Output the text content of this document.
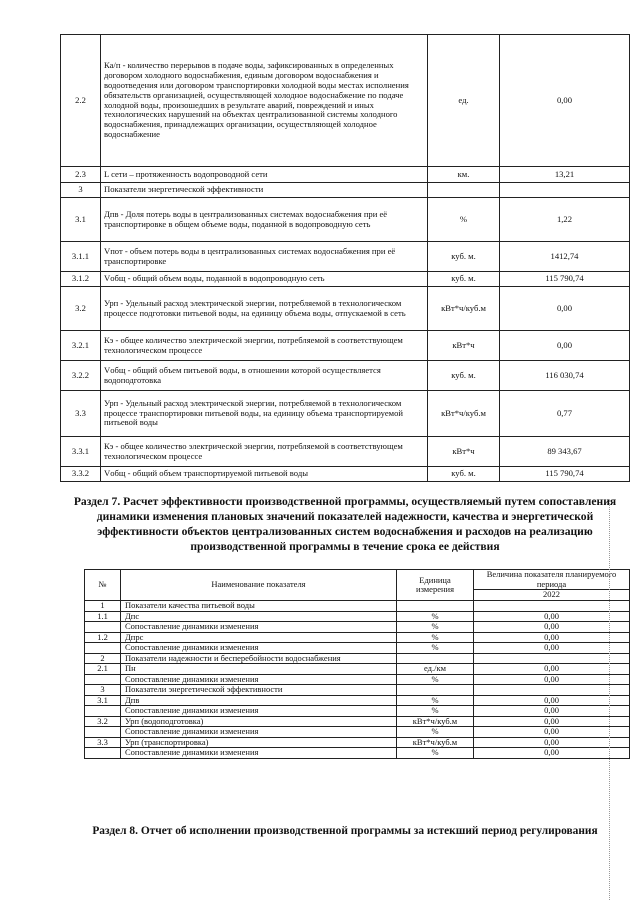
2.2	Ка/п - количество перерывов в подаче воды, зафиксированных в определенных договором холодного водоснабжения, единым договором водоснабжения и водоотведения или договором транспортировки холодной воды местах исполнения обязательств организацией, осуществляющей холодное водоснабжение по подаче холодной воды, произошедших в результате аварий, повреждений и иных технологических нарушений на объектах централизованной системы холодного водоснабжения, принадлежащих организации, осуществляющей холодное водоснабжение	ед.	0,00
2.3	L сети – протяженность водопроводной сети	км.	13,21
3	Показатели энергетической эффективности		
3.1	Дпв - Доля потерь воды в централизованных системах водоснабжения при её транспортировке в общем объеме воды, поданной в водопроводную сеть	%	1,22
3.1.1	Vпот - объем потерь воды в централизованных системах водоснабжения при её транспортировке	куб. м.	1412,74
3.1.2	Vобщ - общий объем воды, поданной в водопроводную сеть	куб. м.	115 790,74
3.2	Урп - Удельный расход электрической энергии, потребляемой в технологическом процессе подготовки питьевой воды, на единицу объема воды, отпускаемой в сеть	кВт*ч/куб.м	0,00
3.2.1	Кэ - общее количество электрической энергии, потребляемой в соответствующем технологическом процессе	кВт*ч	0,00
3.2.2	Vобщ - общий объем питьевой воды, в отношении которой осуществляется водоподготовка	куб. м.	116 030,74
3.3	Урп - Удельный расход электрической энергии, потребляемой в технологическом процессе транспортировки питьевой воды, на единицу объема транспортируемой питьевой воды	кВт*ч/куб.м	0,77
3.3.1	Кэ - общее количество электрической энергии, потребляемой в соответствующем технологическом процессе	кВт*ч	89 343,67
3.3.2	Vобщ - общий объем транспортируемой питьевой воды	куб. м.	115 790,74
Раздел 7. Расчет эффективности производственной программы, осуществляемый путем сопоставления динамики изменения плановых значений показателей надежности, качества и энергетической эффективности объектов централизованных систем водоснабжения и расходов на реализацию производственной программы в течение срока ее действия
№	Наименование показателя	Единица измерения	Величина показателя планируемого периода
			2022
1	Показатели качества питьевой воды		
1.1	Дпс	%	0,00
	Сопоставление динамики изменения	%	0,00
1.2	Дпрс	%	0,00
	Сопоставление динамики изменения	%	0,00
2	Показатели надежности и бесперебойности водоснабжения		
2.1	Пн	ед./км	0,00
	Сопоставление динамики изменения	%	0,00
3	Показатели энергетической эффективности		
3.1	Дпв	%	0,00
	Сопоставление динамики изменения	%	0,00
3.2	Урп (водоподготовка)	кВт*ч/куб.м	0,00
	Сопоставление динамики изменения	%	0,00
3.3	Урп (транспортировка)	кВт*ч/куб.м	0,00
	Сопоставление динамики изменения	%	0,00
Раздел 8. Отчет об исполнении производственной программы за истекший период регулирования
